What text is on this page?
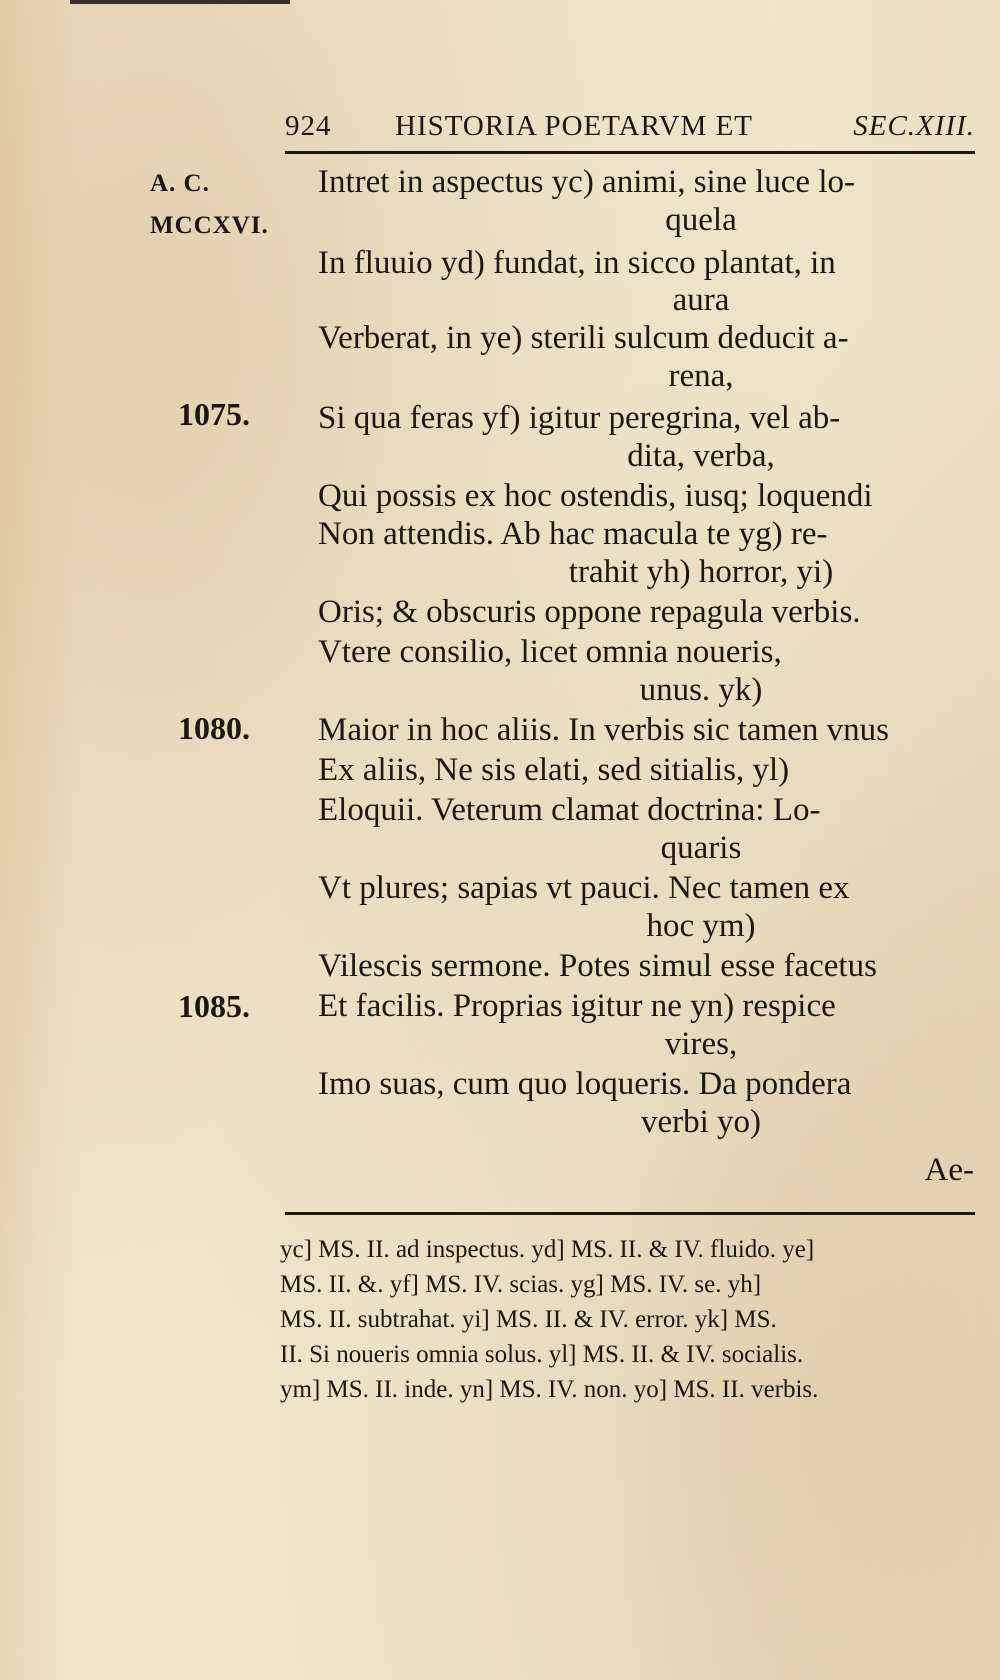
924 HISTORIA POETARVM ET	SEC.XIII.
A. C.
MCCXVI.
1075.
1080.
1085.
Intret in aspectus yc) animi, sine luce lo-
quela
In fluuio yd) fundat, in sicco plantat, in
aura
Verberat, in ye) sterili sulcum deducit a-
rena,
Si qua feras yf) igitur peregrina, vel ab-
dita, verba,
Qui possis ex hoc ostendis, iusq; loquendi
Non attendis. Ab hac macula te yg) re-
trahit yh) horror, yi)
Oris; & obscuris oppone repagula verbis.
Vtere consilio, licet omnia noueris,
unus. yk)
Maior in hoc aliis. In verbis sic tamen vnus
Ex aliis, Ne sis elati, sed sitialis, yl)
Eloquii. Veterum clamat doctrina: Lo-
quaris
Vt plures; sapias vt pauci. Nec tamen ex
hoc ym)
Vilescis sermone. Potes simul esse facetus
Et facilis. Proprias igitur ne yn) respice
vires,
Imo suas, cum quo loqueris. Da pondera
verbi yo)
Ae-
yc] MS. II. ad inspectus. yd] MS. II. & IV. fluido. ye]
MS. II. &. yf] MS. IV. scias. yg] MS. IV. se. yh]
MS. II. subtrahat. yi] MS. II. & IV. error. yk] MS.
II. Si noueris omnia solus. yl] MS. II. & IV. socialis.
ym] MS. II. inde. yn] MS. IV. non. yo] MS. II. verbis.
